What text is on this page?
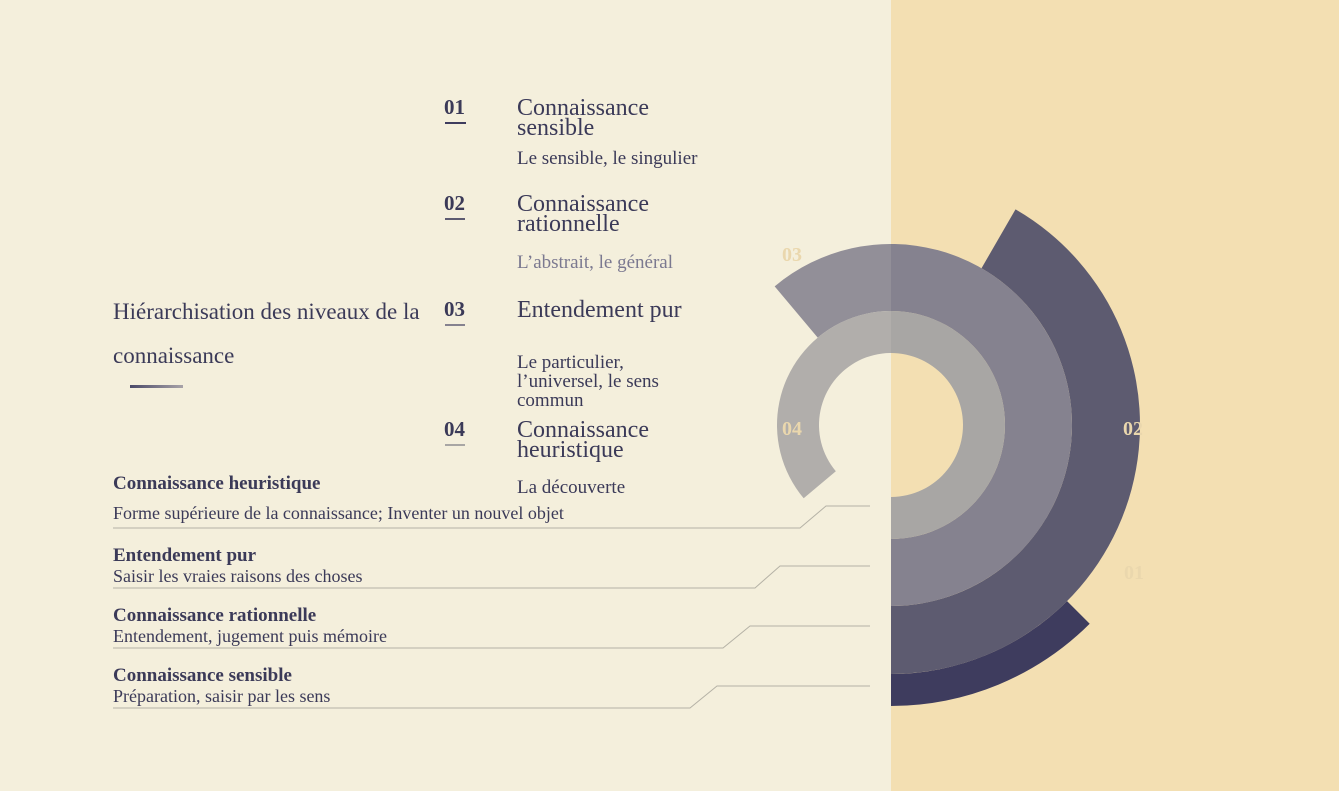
01
02
03
04
Hiérarchisation des niveaux de la connaissance
01 Connaissance sensible
Le sensible, le singulier
02 Connaissance rationnelle
L’abstrait, le général
03 Entendement pur
Le particulier, l’universel, le sens commun
04 Connaissance heuristique
La découverte
Connaissance heuristique
Forme supérieure de la connaissance; Inventer un nouvel objet
Entendement pur
Saisir les vraies raisons des choses
Connaissance rationnelle
Entendement, jugement puis mémoire
Connaissance sensible
Préparation, saisir par les sens
